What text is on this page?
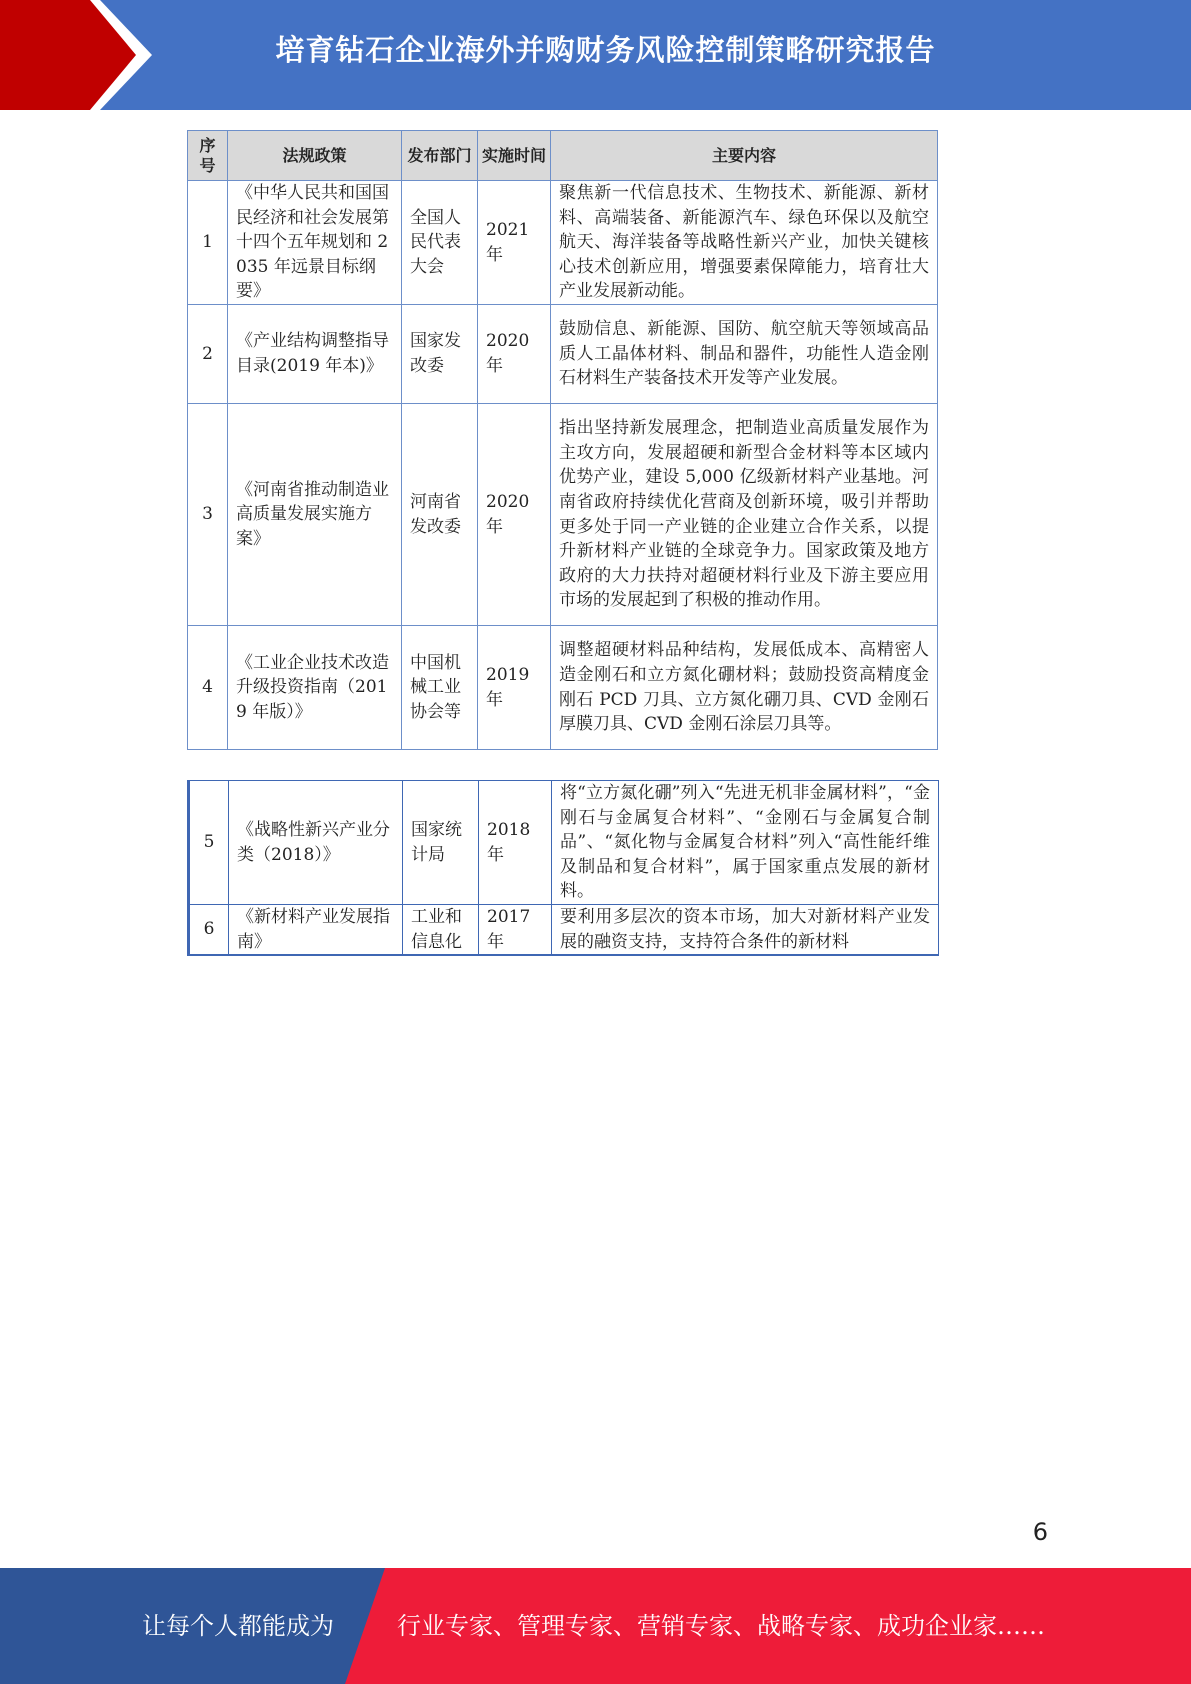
培育钻石企业海外并购财务风险控制策略研究报告
序号	法规政策	发布部门	实施时间	主要内容
1	《中华人民共和国国民经济和社会发展第十四个五年规划和 2035 年远景目标纲要》	全国人民代表大会	2021 年	聚焦新一代信息技术、生物技术、新能源、新材料、高端装备、新能源汽车、绿色环保以及航空航天、海洋装备等战略性新兴产业，加快关键核心技术创新应用，增强要素保障能力，培育壮大产业发展新动能。
2	《产业结构调整指导目录(2019 年本)》	国家发改委	2020 年	鼓励信息、新能源、国防、航空航天等领域高品质人工晶体材料、制品和器件，功能性人造金刚石材料生产装备技术开发等产业发展。
3	《河南省推动制造业高质量发展实施方案》	河南省发改委	2020 年	指出坚持新发展理念，把制造业高质量发展作为主攻方向，发展超硬和新型合金材料等本区域内优势产业，建设 5,000 亿级新材料产业基地。河南省政府持续优化营商及创新环境，吸引并帮助更多处于同一产业链的企业建立合作关系，以提升新材料产业链的全球竞争力。国家政策及地方政府的大力扶持对超硬材料行业及下游主要应用市场的发展起到了积极的推动作用。
4	《工业企业技术改造升级投资指南（2019 年版）》	中国机械工业协会等	2019 年	调整超硬材料品种结构，发展低成本、高精密人造金刚石和立方氮化硼材料；鼓励投资高精度金刚石 PCD 刀具、立方氮化硼刀具、CVD 金刚石厚膜刀具、CVD 金刚石涂层刀具等。
5	《战略性新兴产业分类（2018）》	国家统计局	2018 年	将“立方氮化硼”列入“先进无机非金属材料”，“金刚石与金属复合材料”、“金刚石与金属复合制品”、“氮化物与金属复合材料”列入“高性能纤维及制品和复合材料”，属于国家重点发展的新材料。
6	《新材料产业发展指南》	工业和信息化	2017 年	要利用多层次的资本市场，加大对新材料产业发展的融资支持，支持符合条件的新材料
6
让每个人都能成为	行业专家、管理专家、营销专家、战略专家、成功企业家……
